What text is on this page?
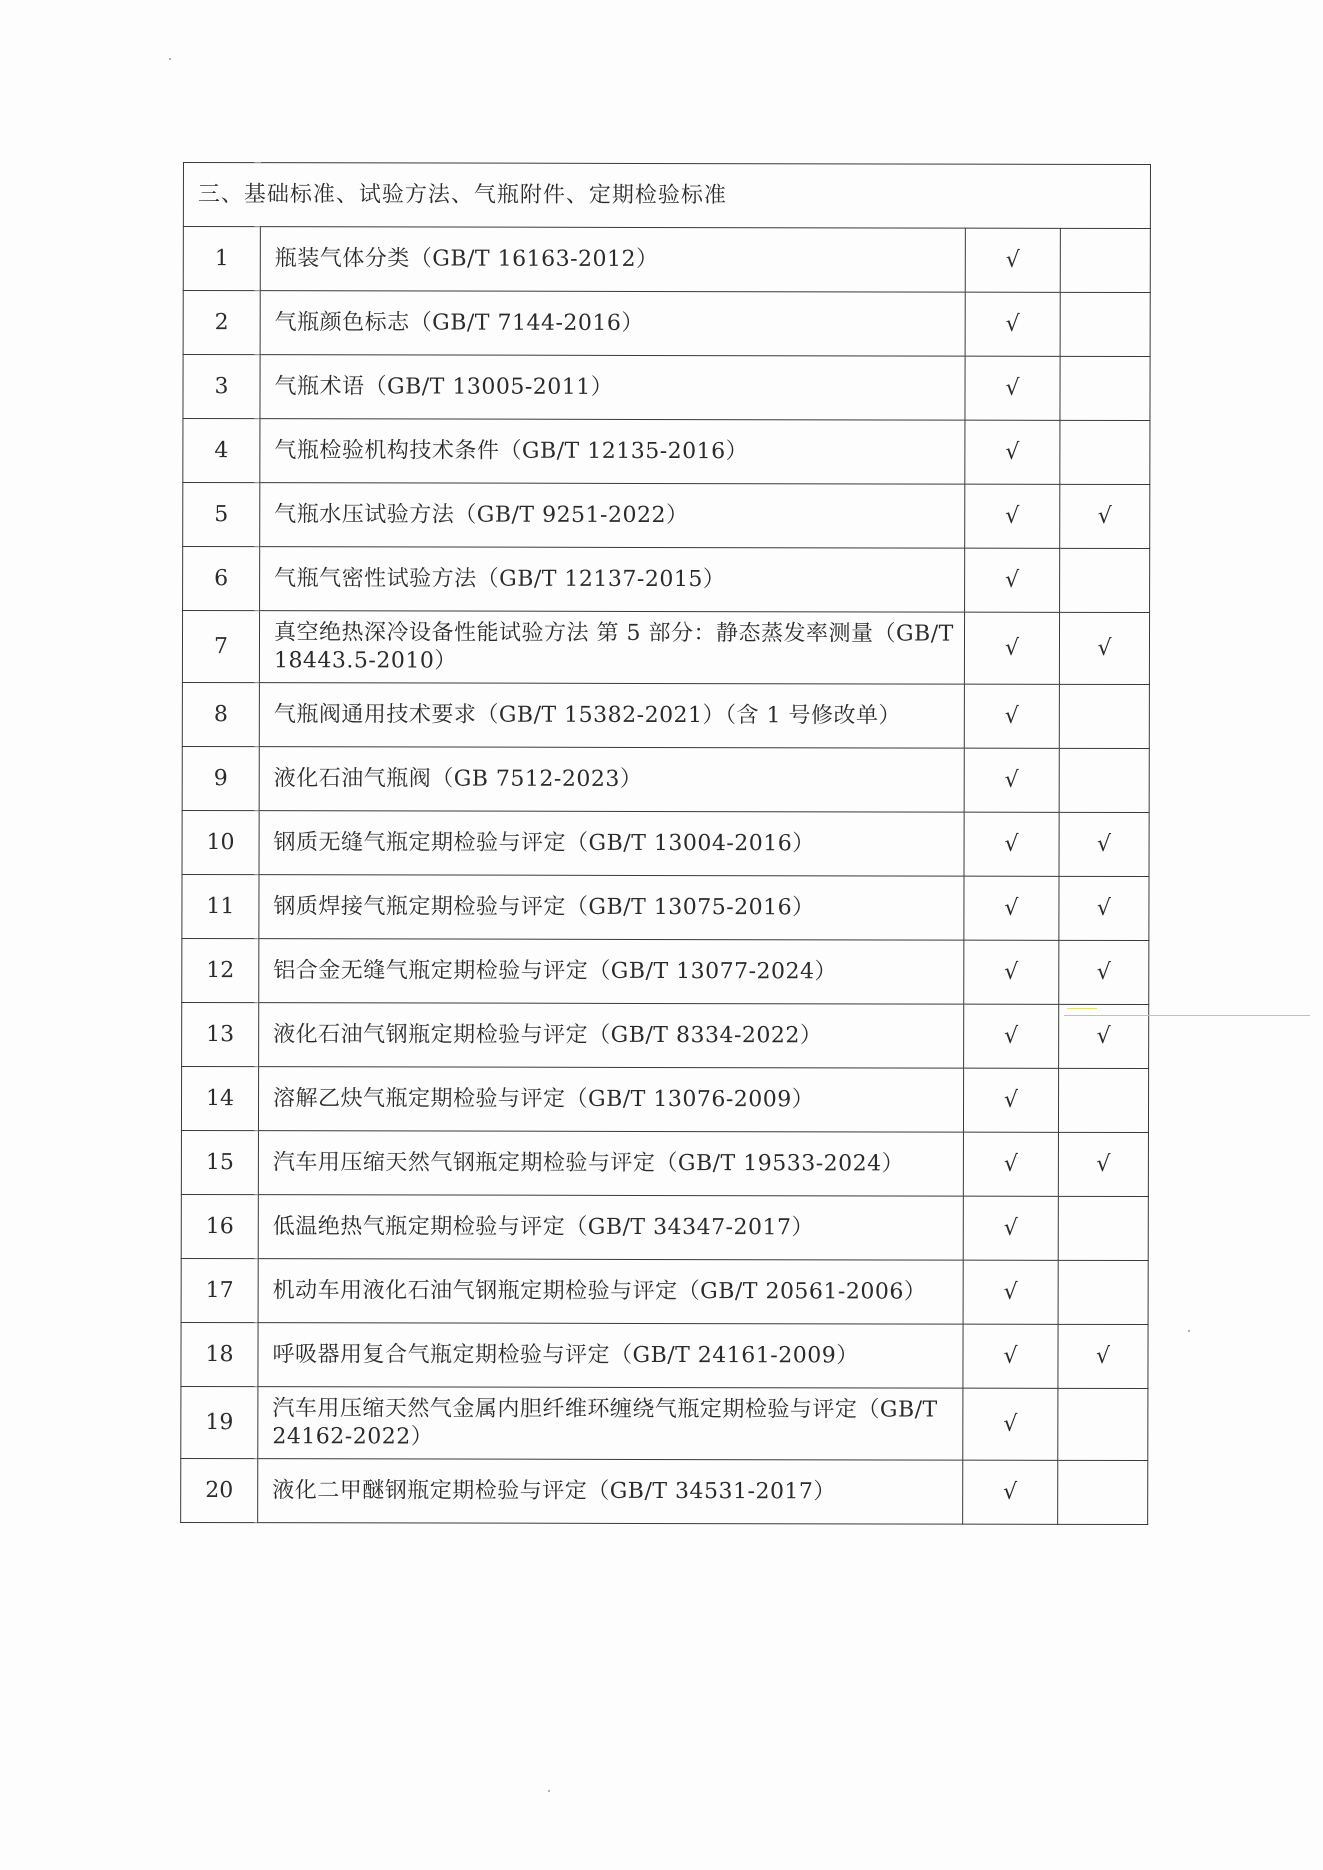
三、基础标准、试验方法、气瓶附件、定期检验标准			
1	瓶装气体分类（GB/T 16163-2012）	√	
2	气瓶颜色标志（GB/T 7144-2016）	√	
3	气瓶术语（GB/T 13005-2011）	√	
4	气瓶检验机构技术条件（GB/T 12135-2016）	√	
5	气瓶水压试验方法（GB/T 9251-2022）	√	√
6	气瓶气密性试验方法（GB/T 12137-2015）	√	
7	真空绝热深冷设备性能试验方法 第 5 部分：静态蒸发率测量（GB/T 18443.5-2010）	√	√
8	气瓶阀通用技术要求（GB/T 15382-2021）（含 1 号修改单）	√	
9	液化石油气瓶阀（GB 7512-2023）	√	
10	钢质无缝气瓶定期检验与评定（GB/T 13004-2016）	√	√
11	钢质焊接气瓶定期检验与评定（GB/T 13075-2016）	√	√
12	铝合金无缝气瓶定期检验与评定（GB/T 13077-2024）	√	√
13	液化石油气钢瓶定期检验与评定（GB/T 8334-2022）	√	√
14	溶解乙炔气瓶定期检验与评定（GB/T 13076-2009）	√	
15	汽车用压缩天然气钢瓶定期检验与评定（GB/T 19533-2024）	√	√
16	低温绝热气瓶定期检验与评定（GB/T 34347-2017）	√	
17	机动车用液化石油气钢瓶定期检验与评定（GB/T 20561-2006）	√	
18	呼吸器用复合气瓶定期检验与评定（GB/T 24161-2009）	√	√
19	汽车用压缩天然气金属内胆纤维环缠绕气瓶定期检验与评定（GB/T 24162-2022）	√	
20	液化二甲醚钢瓶定期检验与评定（GB/T 34531-2017）	√	
